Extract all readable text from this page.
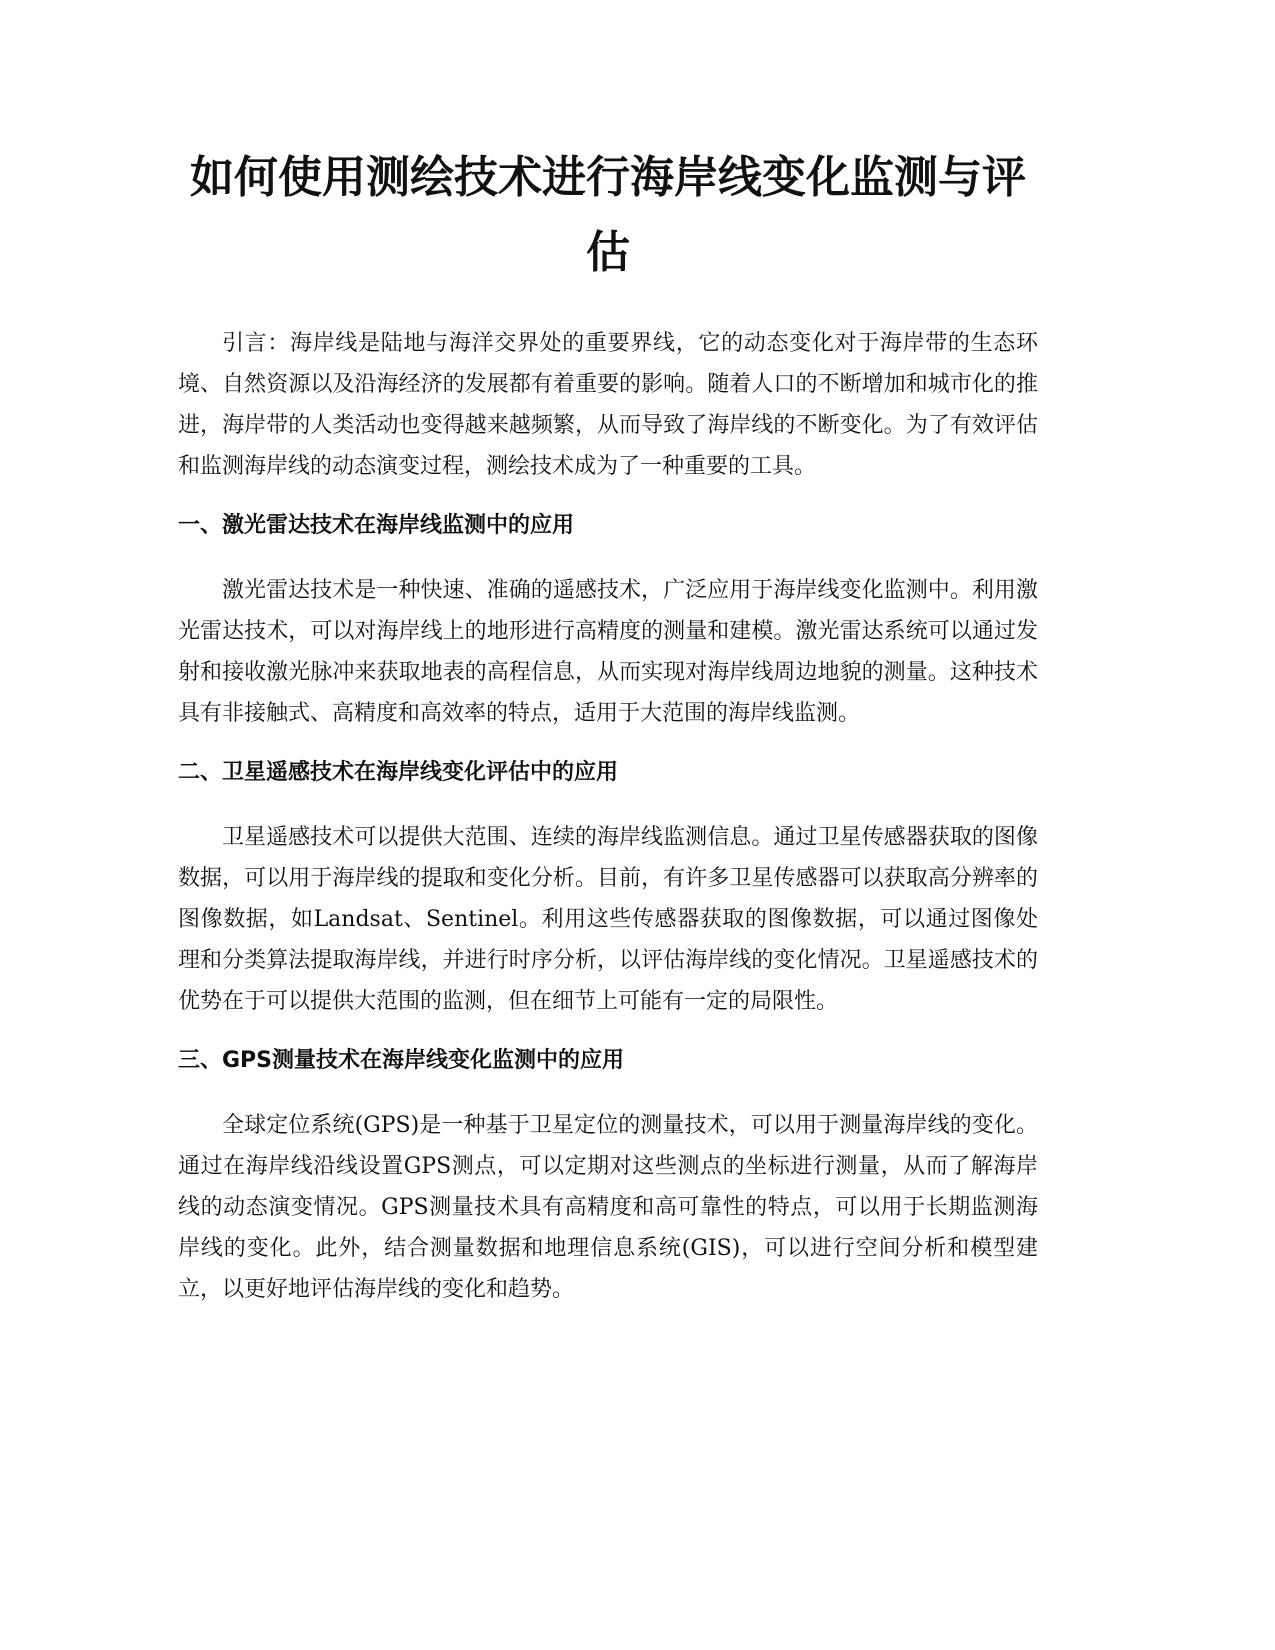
如何使用测绘技术进行海岸线变化监测与评估

引言：海岸线是陆地与海洋交界处的重要界线，它的动态变化对于海岸带的生态环境、自然资源以及沿海经济的发展都有着重要的影响。随着人口的不断增加和城市化的推进，海岸带的人类活动也变得越来越频繁，从而导致了海岸线的不断变化。为了有效评估和监测海岸线的动态演变过程，测绘技术成为了一种重要的工具。

一、激光雷达技术在海岸线监测中的应用

激光雷达技术是一种快速、准确的遥感技术，广泛应用于海岸线变化监测中。利用激光雷达技术，可以对海岸线上的地形进行高精度的测量和建模。激光雷达系统可以通过发射和接收激光脉冲来获取地表的高程信息，从而实现对海岸线周边地貌的测量。这种技术具有非接触式、高精度和高效率的特点，适用于大范围的海岸线监测。

二、卫星遥感技术在海岸线变化评估中的应用

卫星遥感技术可以提供大范围、连续的海岸线监测信息。通过卫星传感器获取的图像数据，可以用于海岸线的提取和变化分析。目前，有许多卫星传感器可以获取高分辨率的图像数据，如Landsat、Sentinel。利用这些传感器获取的图像数据，可以通过图像处理和分类算法提取海岸线，并进行时序分析，以评估海岸线的变化情况。卫星遥感技术的优势在于可以提供大范围的监测，但在细节上可能有一定的局限性。

三、GPS测量技术在海岸线变化监测中的应用

全球定位系统(GPS)是一种基于卫星定位的测量技术，可以用于测量海岸线的变化。通过在海岸线沿线设置GPS测点，可以定期对这些测点的坐标进行测量，从而了解海岸线的动态演变情况。GPS测量技术具有高精度和高可靠性的特点，可以用于长期监测海岸线的变化。此外，结合测量数据和地理信息系统(GIS)，可以进行空间分析和模型建立，以更好地评估海岸线的变化和趋势。
